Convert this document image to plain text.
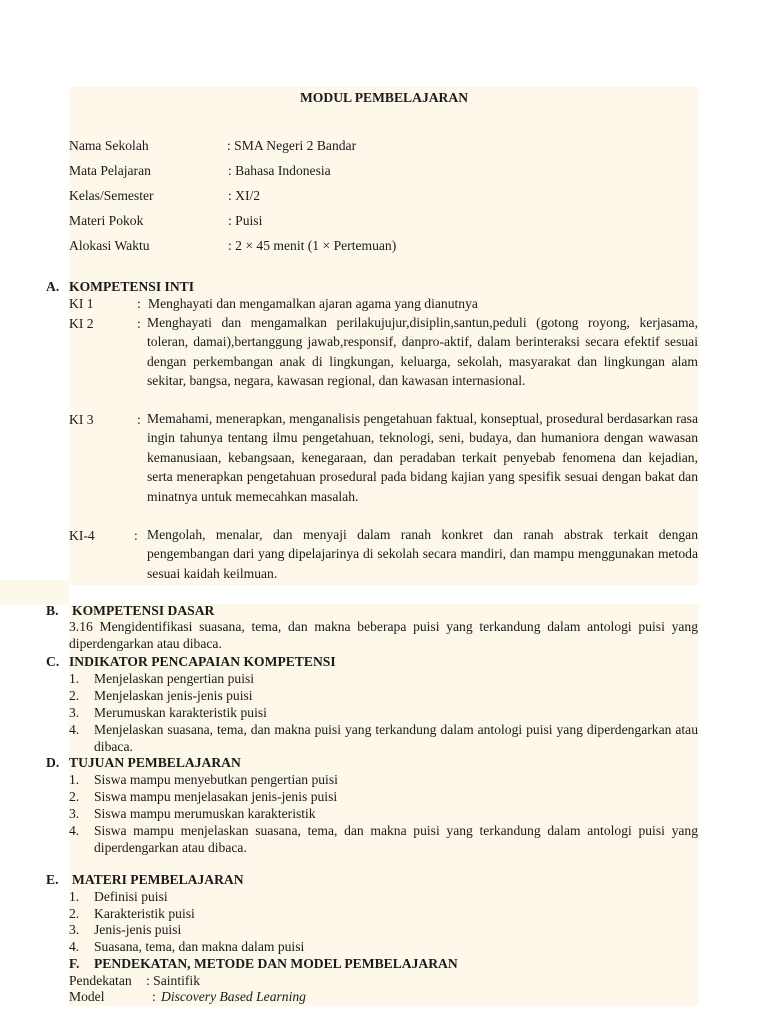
MODUL PEMBELAJARAN
Nama Sekolah	: SMA Negeri 2 Bandar
Mata Pelajaran	: Bahasa Indonesia
Kelas/Semester	: XI/2
Materi Pokok	: Puisi
Alokasi Waktu	: 2 × 45 menit (1 × Pertemuan)
A. KOMPETENSI INTI
KI 1	: Menghayati dan mengamalkan ajaran agama yang dianutnya
KI 2	: Menghayati dan mengamalkan perilakujujur,disiplin,santun,peduli (gotong royong, kerjasama, toleran, damai),bertanggung jawab,responsif, danpro-aktif, dalam berinteraksi secara efektif sesuai dengan perkembangan anak di lingkungan, keluarga, sekolah, masyarakat dan lingkungan alam sekitar, bangsa, negara, kawasan regional, dan kawasan internasional.
KI 3	: Memahami, menerapkan, menganalisis pengetahuan faktual, konseptual, prosedural berdasarkan rasa ingin tahunya tentang ilmu pengetahuan, teknologi, seni, budaya, dan humaniora dengan wawasan kemanusiaan, kebangsaan, kenegaraan, dan peradaban terkait penyebab fenomena dan kejadian, serta menerapkan pengetahuan prosedural pada bidang kajian yang spesifik sesuai dengan bakat dan minatnya untuk memecahkan masalah.
KI-4	: Mengolah, menalar, dan menyaji dalam ranah konkret dan ranah abstrak terkait dengan pengembangan dari yang dipelajarinya di sekolah secara mandiri, dan mampu menggunakan metoda sesuai kaidah keilmuan.
B. KOMPETENSI DASAR
3.16 Mengidentifikasi suasana, tema, dan makna beberapa puisi yang terkandung dalam antologi puisi yang diperdengarkan atau dibaca.
C. INDIKATOR PENCAPAIAN KOMPETENSI
1. Menjelaskan pengertian puisi
2. Menjelaskan jenis-jenis puisi
3. Merumuskan karakteristik puisi
4. Menjelaskan suasana, tema, dan makna puisi yang terkandung dalam antologi puisi yang diperdengarkan atau dibaca.
D. TUJUAN PEMBELAJARAN
1. Siswa mampu menyebutkan pengertian puisi
2. Siswa mampu menjelasakan jenis-jenis puisi
3. Siswa mampu merumuskan karakteristik
4. Siswa mampu menjelaskan suasana, tema, dan makna puisi yang terkandung dalam antologi puisi yang diperdengarkan atau dibaca.
E. MATERI PEMBELAJARAN
1. Definisi puisi
2. Karakteristik puisi
3. Jenis-jenis puisi
4. Suasana, tema, dan makna dalam puisi
F. PENDEKATAN, METODE DAN MODEL PEMBELAJARAN
Pendekatan : Saintifik
Model	: Discovery Based Learning
